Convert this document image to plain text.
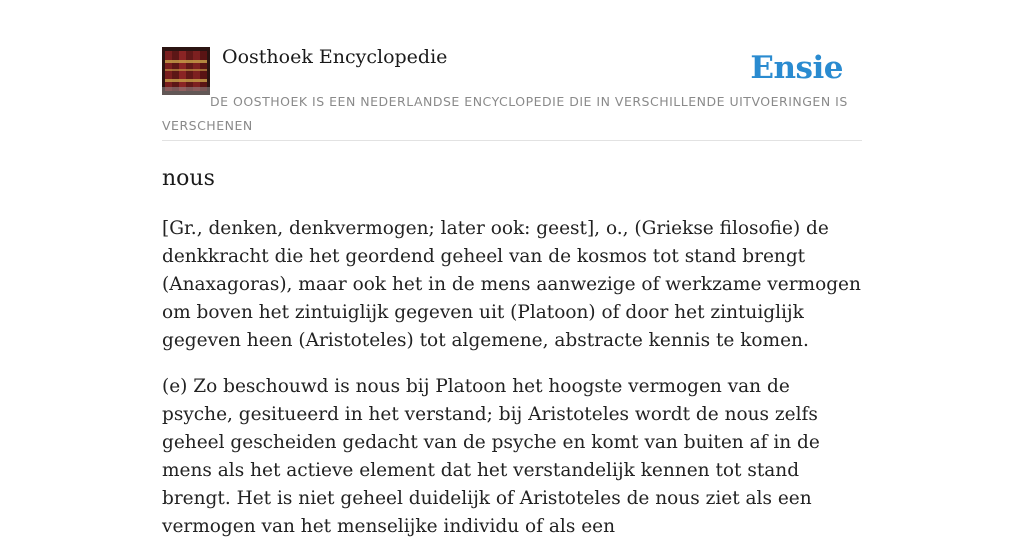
Oosthoek Encyclopedie	Ensie
DE OOSTHOEK IS EEN NEDERLANDSE ENCYCLOPEDIE DIE IN VERSCHILLENDE UITVOERINGEN IS VERSCHENEN
nous

[Gr., denken, denkvermogen; later ook: geest], o., (Griekse filosofie) de denkkracht die het geordend geheel van de kosmos tot stand brengt (Anaxagoras), maar ook het in de mens aanwezige of werkzame vermogen om boven het zintuiglijk gegeven uit (Platoon) of door het zintuiglijk gegeven heen (Aristoteles) tot algemene, abstracte kennis te komen.

(e) Zo beschouwd is nous bij Platoon het hoogste vermogen van de psyche, gesitueerd in het verstand; bij Aristoteles wordt de nous zelfs geheel gescheiden gedacht van de psyche en komt van buiten af in de mens als het actieve element dat het verstandelijk kennen tot stand brengt. Het is niet geheel duidelijk of Aristoteles de nous ziet als een vermogen van het menselijke individu of als een
